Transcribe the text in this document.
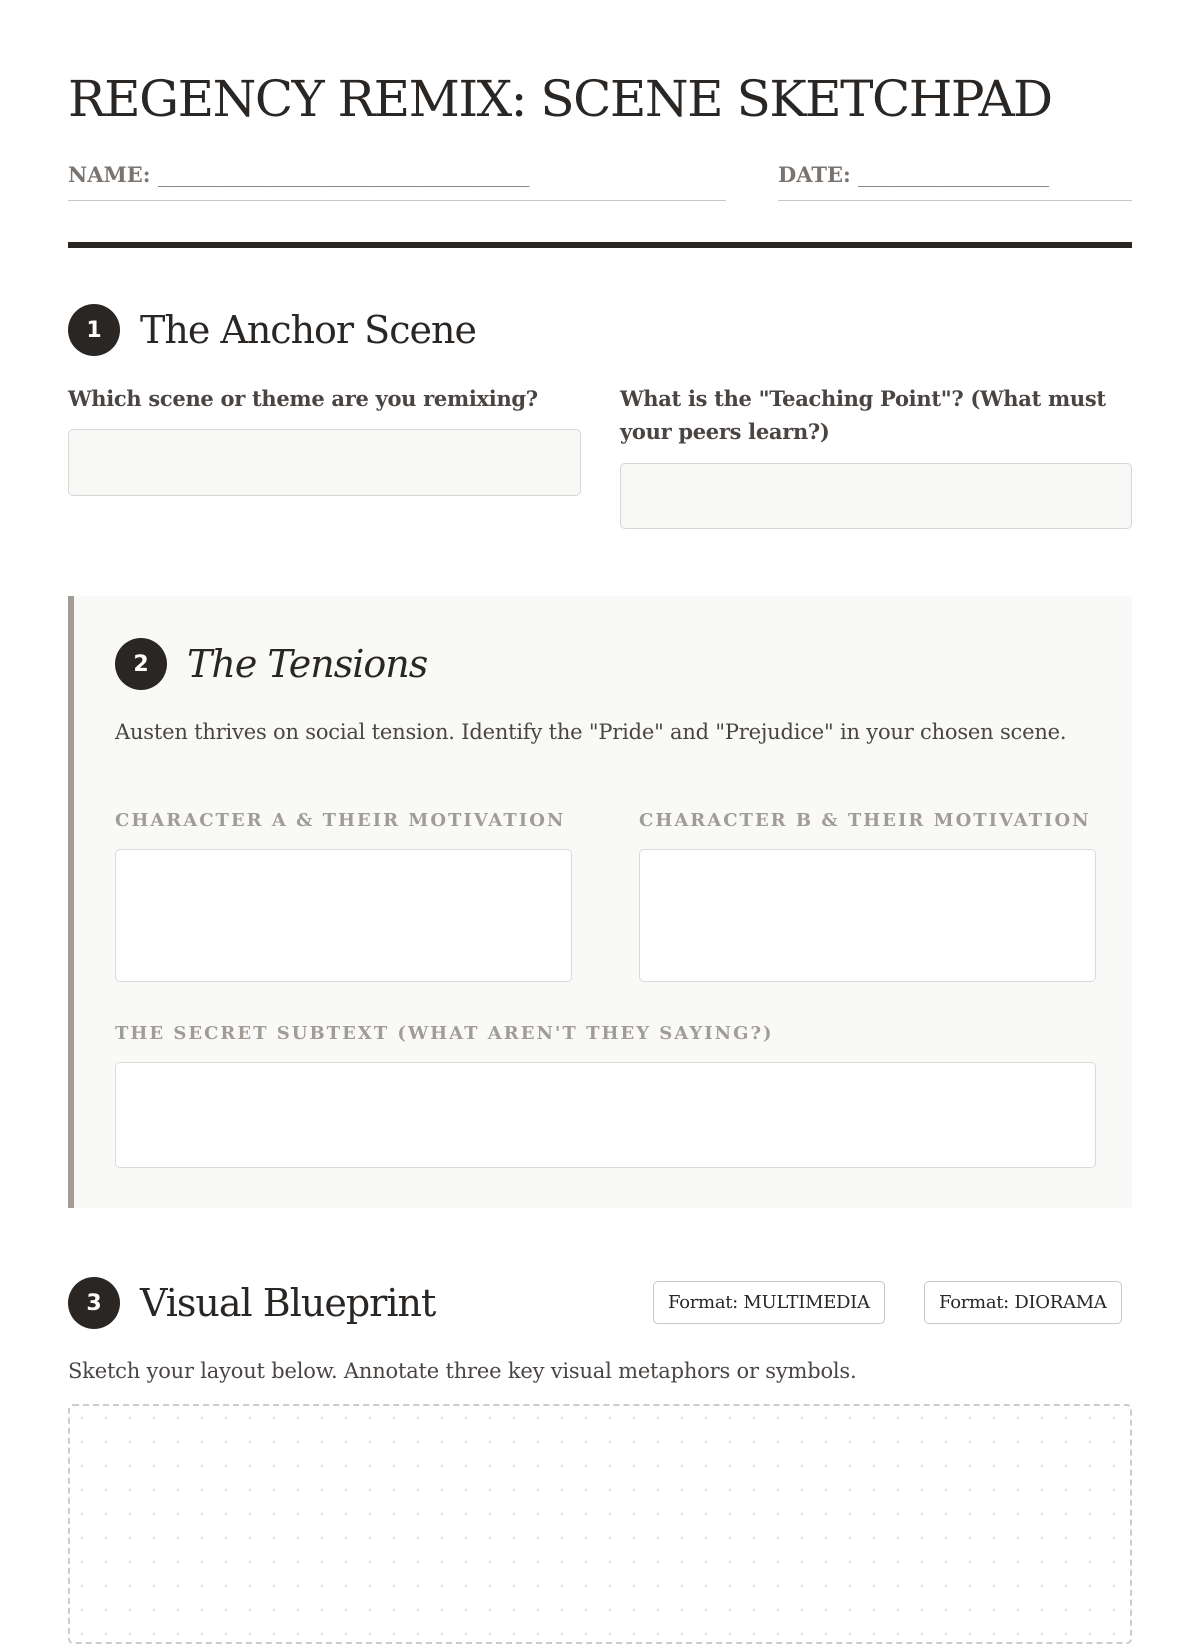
REGENCY REMIX: SCENE SKETCHPAD
NAME: _______________________________________	DATE: ____________________
1	The Anchor Scene
Which scene or theme are you remixing?	What is the "Teaching Point"? (What must your peers learn?)
2	The Tensions
Austen thrives on social tension. Identify the "Pride" and "Prejudice" in your chosen scene.
CHARACTER A & THEIR MOTIVATION	CHARACTER B & THEIR MOTIVATION
THE SECRET SUBTEXT (WHAT AREN'T THEY SAYING?)
3	Visual Blueprint	Format: MULTIMEDIA	Format: DIORAMA
Sketch your layout below. Annotate three key visual metaphors or symbols.
